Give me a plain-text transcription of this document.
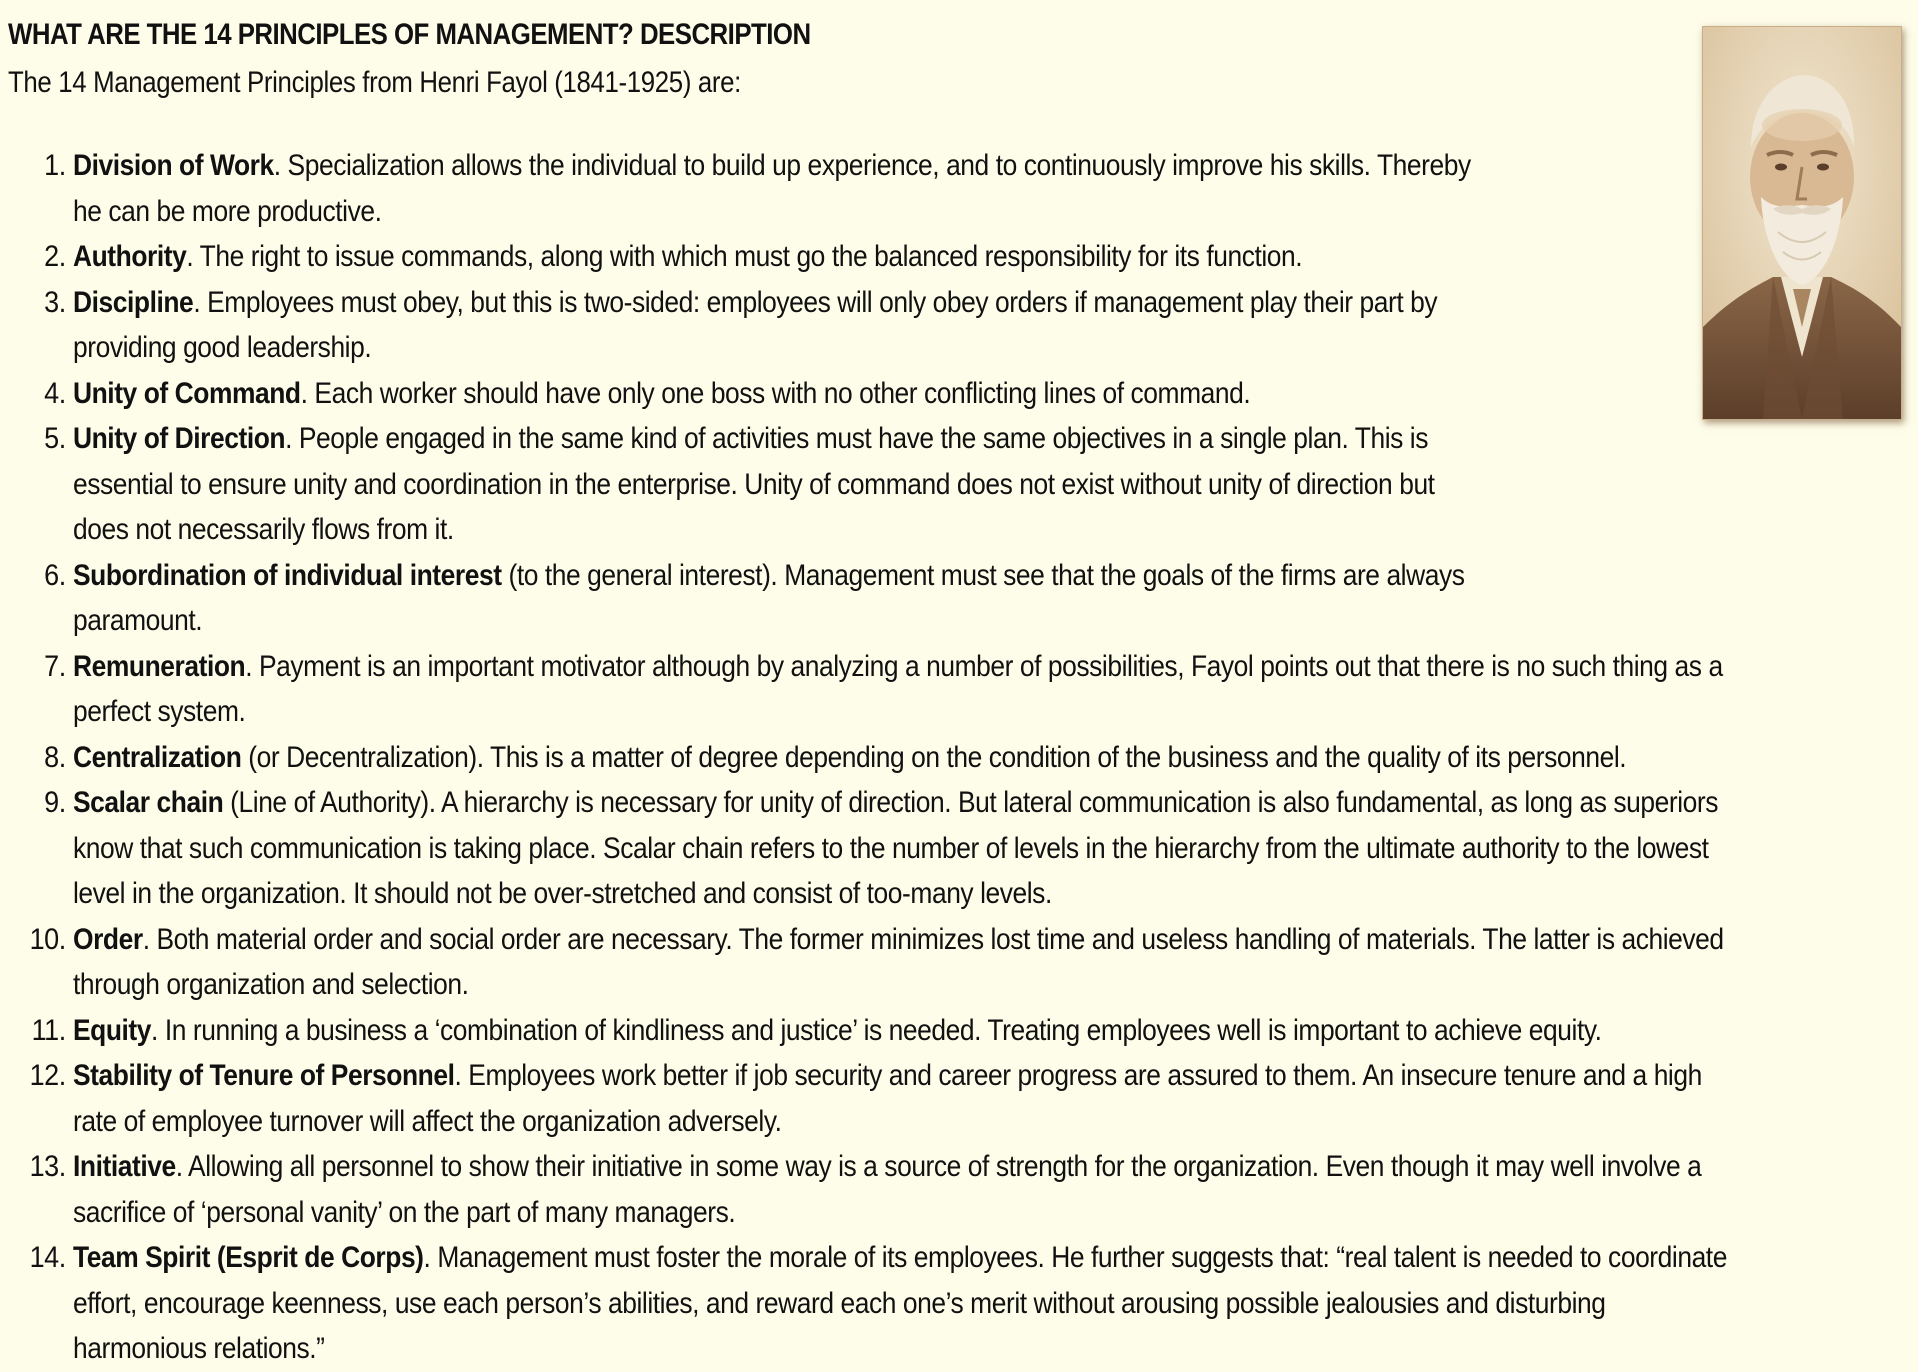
WHAT ARE THE 14 PRINCIPLES OF MANAGEMENT? DESCRIPTION
The 14 Management Principles from Henri Fayol (1841-1925) are:
1. Division of Work. Specialization allows the individual to build up experience, and to continuously improve his skills. Thereby he can be more productive.
2. Authority. The right to issue commands, along with which must go the balanced responsibility for its function.
3. Discipline. Employees must obey, but this is two-sided: employees will only obey orders if management play their part by providing good leadership.
4. Unity of Command. Each worker should have only one boss with no other conflicting lines of command.
5. Unity of Direction. People engaged in the same kind of activities must have the same objectives in a single plan. This is essential to ensure unity and coordination in the enterprise. Unity of command does not exist without unity of direction but does not necessarily flows from it.
6. Subordination of individual interest (to the general interest). Management must see that the goals of the firms are always paramount.
7. Remuneration. Payment is an important motivator although by analyzing a number of possibilities, Fayol points out that there is no such thing as a perfect system.
8. Centralization (or Decentralization). This is a matter of degree depending on the condition of the business and the quality of its personnel.
9. Scalar chain (Line of Authority). A hierarchy is necessary for unity of direction. But lateral communication is also fundamental, as long as superiors know that such communication is taking place. Scalar chain refers to the number of levels in the hierarchy from the ultimate authority to the lowest level in the organization. It should not be over-stretched and consist of too-many levels.
10. Order. Both material order and social order are necessary. The former minimizes lost time and useless handling of materials. The latter is achieved through organization and selection.
11. Equity. In running a business a ‘combination of kindliness and justice’ is needed. Treating employees well is important to achieve equity.
12. Stability of Tenure of Personnel. Employees work better if job security and career progress are assured to them. An insecure tenure and a high rate of employee turnover will affect the organization adversely.
13. Initiative. Allowing all personnel to show their initiative in some way is a source of strength for the organization. Even though it may well involve a sacrifice of ‘personal vanity’ on the part of many managers.
14. Team Spirit (Esprit de Corps). Management must foster the morale of its employees. He further suggests that: “real talent is needed to coordinate effort, encourage keenness, use each person’s abilities, and reward each one’s merit without arousing possible jealousies and disturbing harmonious relations.”
